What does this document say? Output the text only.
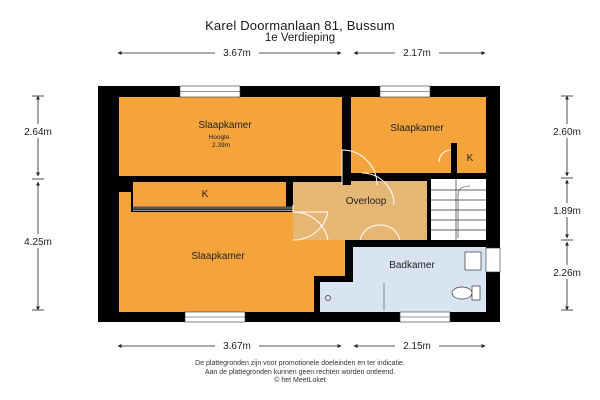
Karel Doormanlaan 81, Bussum
1e Verdieping
3.67m	2.17m
3.67m	2.15m
2.64m
4.25m
2.60m
1.89m
2.26m
Slaapkamer
Hoogte
2.39m
Slaapkamer
K
K
Overloop
Slaapkamer
Badkamer
De plattegronden zijn voor promotionele doeleinden en ter indicatie.
Aan de plattegronden kunnen geen rechten worden ontleend.
© het MeetLoket
